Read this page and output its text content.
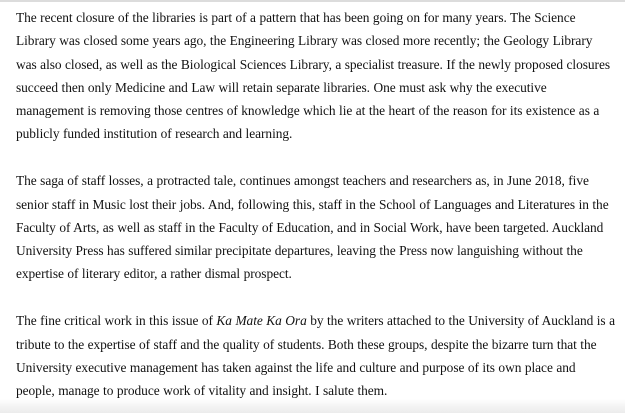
The recent closure of the libraries is part of a pattern that has been going on for many years. The Science Library was closed some years ago, the Engineering Library was closed more recently; the Geology Library was also closed, as well as the Biological Sciences Library, a specialist treasure. If the newly proposed closures succeed then only Medicine and Law will retain separate libraries. One must ask why the executive management is removing those centres of knowledge which lie at the heart of the reason for its existence as a publicly funded institution of research and learning.

The saga of staff losses, a protracted tale, continues amongst teachers and researchers as, in June 2018, five senior staff in Music lost their jobs. And, following this, staff in the School of Languages and Literatures in the Faculty of Arts, as well as staff in the Faculty of Education, and in Social Work, have been targeted. Auckland University Press has suffered similar precipitate departures, leaving the Press now languishing without the expertise of literary editor, a rather dismal prospect.

The fine critical work in this issue of Ka Mate Ka Ora by the writers attached to the University of Auckland is a tribute to the expertise of staff and the quality of students. Both these groups, despite the bizarre turn that the University executive management has taken against the life and culture and purpose of its own place and people, manage to produce work of vitality and insight. I salute them.
